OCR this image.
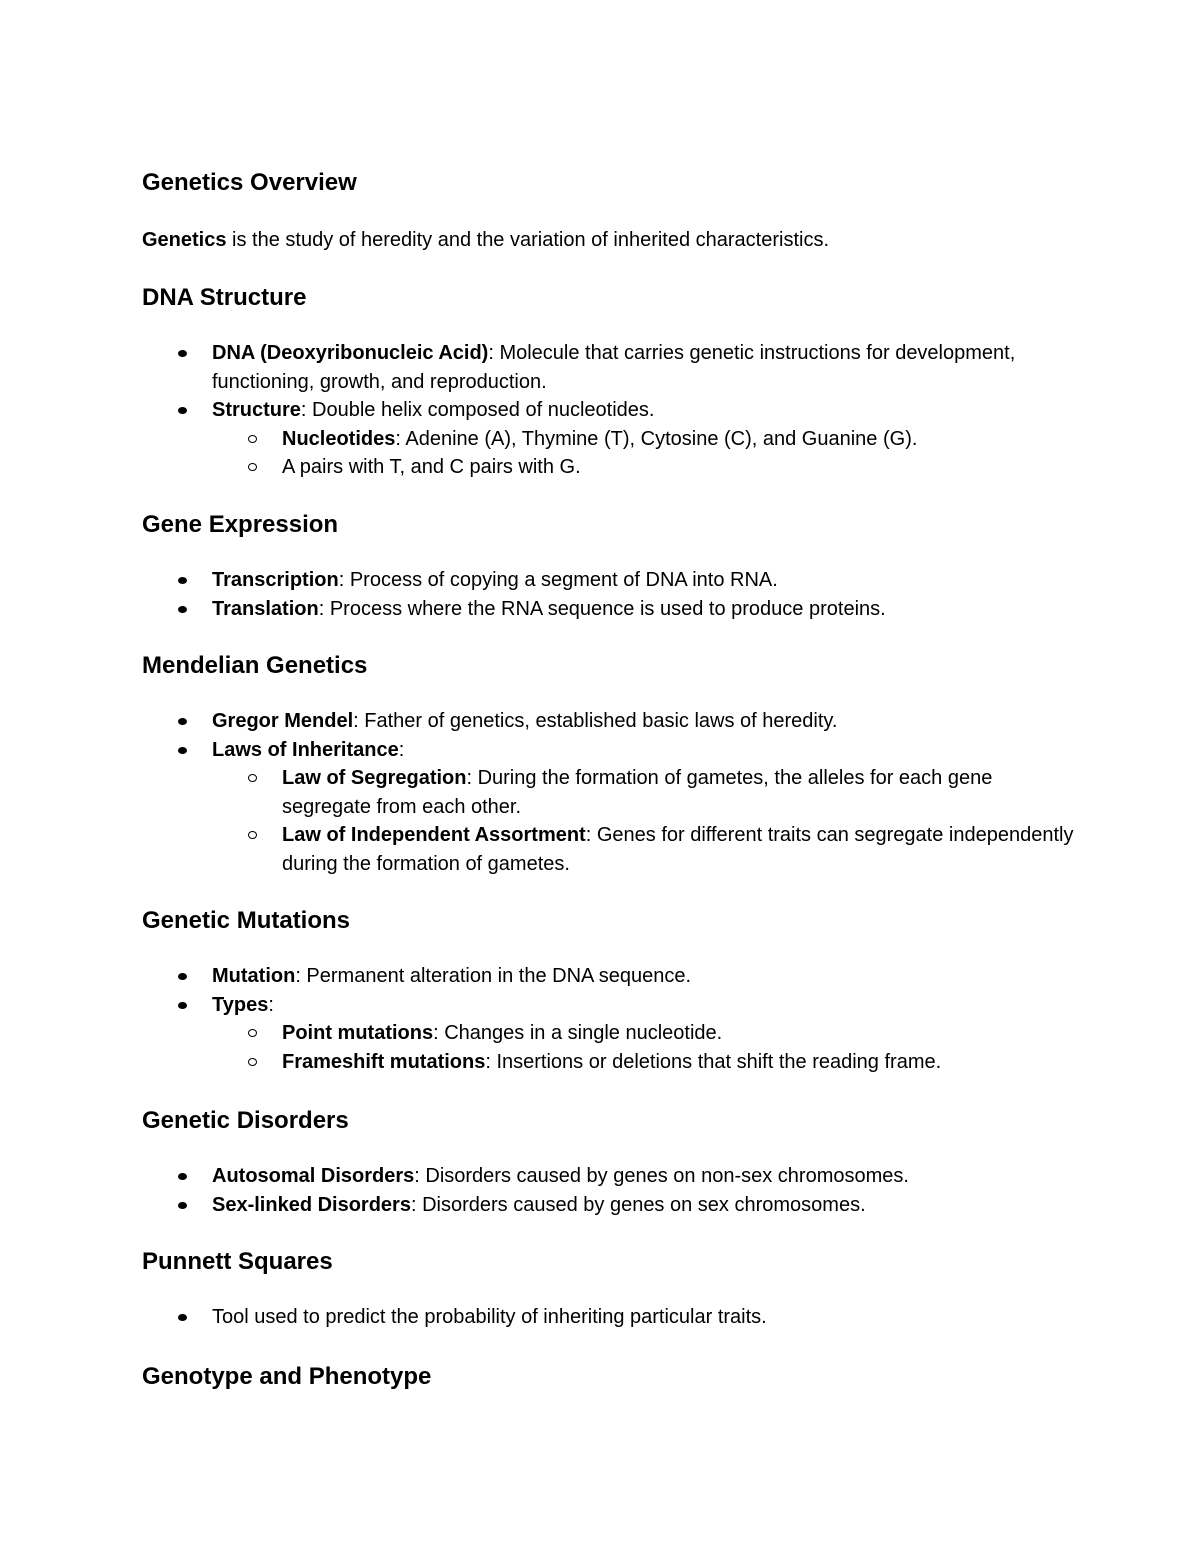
Genetics Overview

Genetics is the study of heredity and the variation of inherited characteristics.

DNA Structure
DNA (Deoxyribonucleic Acid): Molecule that carries genetic instructions for development, functioning, growth, and reproduction.
Structure: Double helix composed of nucleotides.
Nucleotides: Adenine (A), Thymine (T), Cytosine (C), and Guanine (G).
A pairs with T, and C pairs with G.
Gene Expression
Transcription: Process of copying a segment of DNA into RNA.
Translation: Process where the RNA sequence is used to produce proteins.
Mendelian Genetics
Gregor Mendel: Father of genetics, established basic laws of heredity.
Laws of Inheritance:
Law of Segregation: During the formation of gametes, the alleles for each gene segregate from each other.
Law of Independent Assortment: Genes for different traits can segregate independently during the formation of gametes.
Genetic Mutations
Mutation: Permanent alteration in the DNA sequence.
Types:
Point mutations: Changes in a single nucleotide.
Frameshift mutations: Insertions or deletions that shift the reading frame.
Genetic Disorders
Autosomal Disorders: Disorders caused by genes on non-sex chromosomes.
Sex-linked Disorders: Disorders caused by genes on sex chromosomes.
Punnett Squares
Tool used to predict the probability of inheriting particular traits.
Genotype and Phenotype
